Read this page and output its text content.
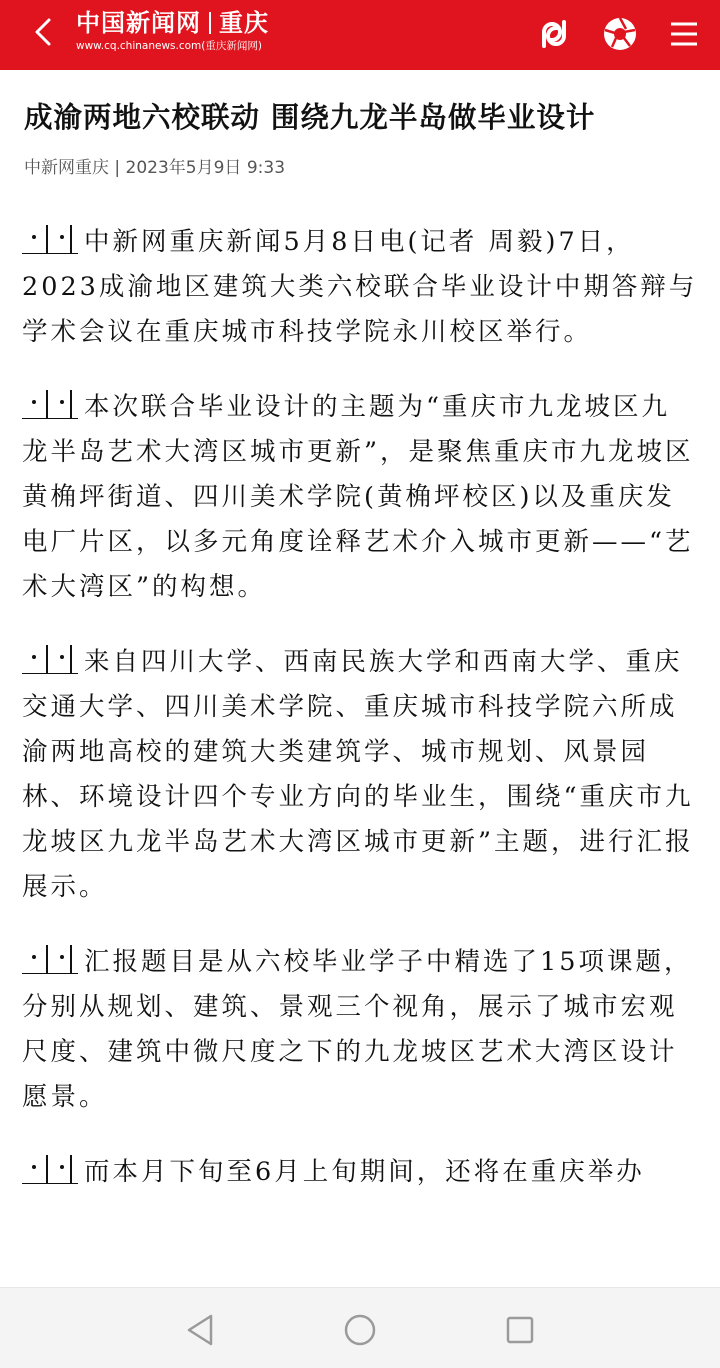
中国新闻网 重庆
www.cq.chinanews.com(重庆新闻网)
成渝两地六校联动 围绕九龙半岛做毕业设计
中新网重庆 | 2023年5月9日 9:33

中新网重庆新闻5月8日电(记者 周毅)7日，2023成渝地区建筑大类六校联合毕业设计中期答辩与学术会议在重庆城市科技学院永川校区举行。

本次联合毕业设计的主题为“重庆市九龙坡区九龙半岛艺术大湾区城市更新”，是聚焦重庆市九龙坡区黄桷坪街道、四川美术学院(黄桷坪校区)以及重庆发电厂片区，以多元角度诠释艺术介入城市更新——“艺术大湾区”的构想。

来自四川大学、西南民族大学和西南大学、重庆交通大学、四川美术学院、重庆城市科技学院六所成渝两地高校的建筑大类建筑学、城市规划、风景园林、环境设计四个专业方向的毕业生，围绕“重庆市九龙坡区九龙半岛艺术大湾区城市更新”主题，进行汇报展示。

汇报题目是从六校毕业学子中精选了15项课题，分别从规划、建筑、景观三个视角，展示了城市宏观尺度、建筑中微尺度之下的九龙坡区艺术大湾区设计愿景。

而本月下旬至6月上旬期间，还将在重庆举办
